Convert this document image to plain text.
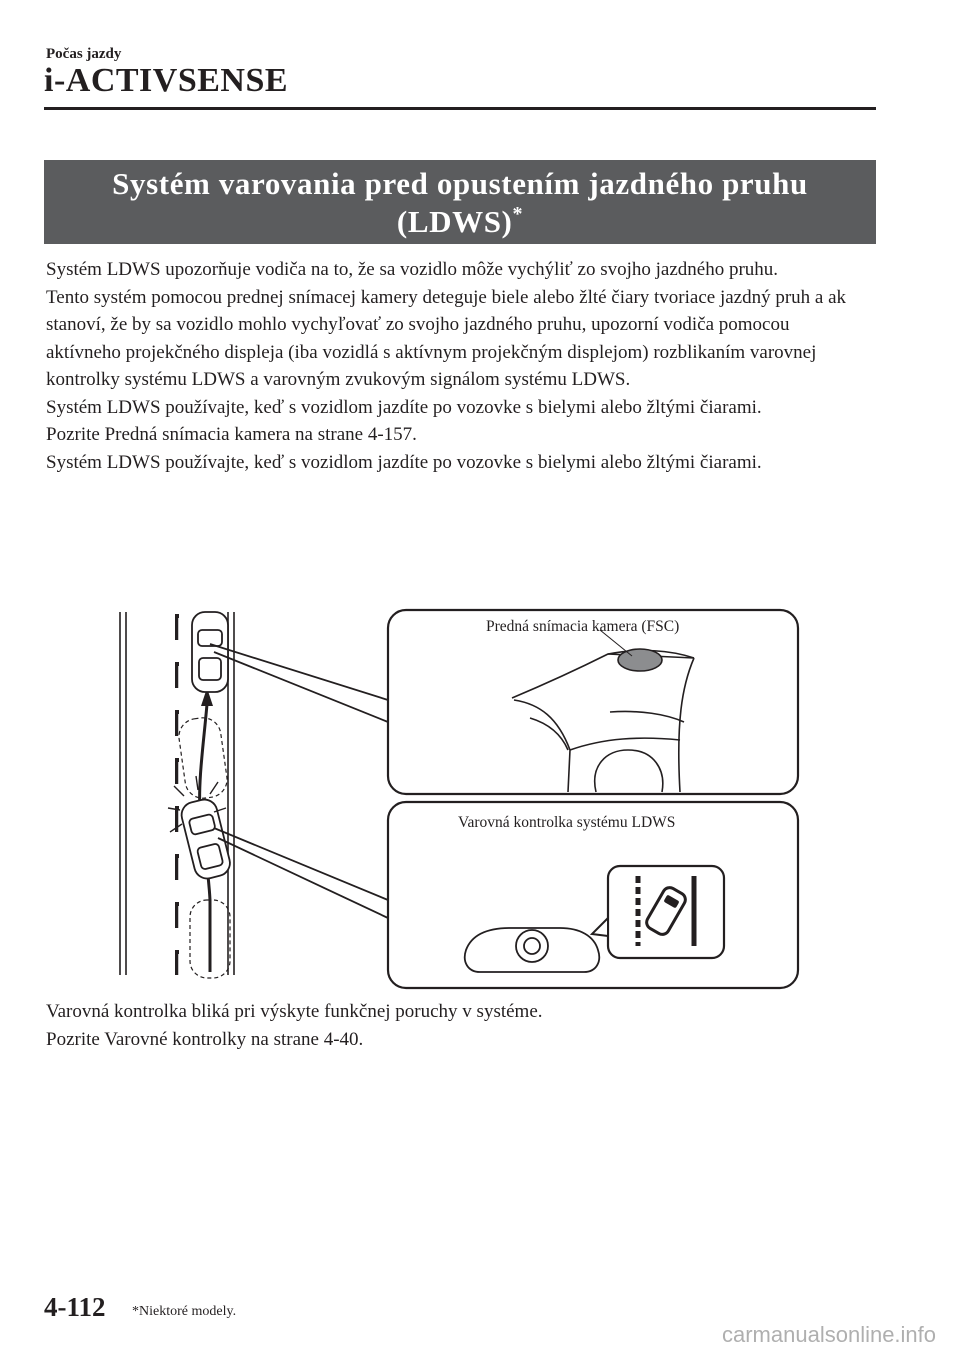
Počas jazdy
i-ACTIVSENSE
Systém varovania pred opustením jazdného pruhu
(LDWS)*

Systém LDWS upozorňuje vodiča na to, že sa vozidlo môže vychýliť zo svojho jazdného pruhu.

Tento systém pomocou prednej snímacej kamery deteguje biele alebo žlté čiary tvoriace jazdný pruh a ak stanoví, že by sa vozidlo mohlo vychyľovať zo svojho jazdného pruhu, upozorní vodiča pomocou aktívneho projekčného displeja (iba vozidlá s aktívnym projekčným displejom) rozblikaním varovnej kontrolky systému LDWS a varovným zvukovým signálom systému LDWS.

Systém LDWS používajte, keď s vozidlom jazdíte po vozovke s bielymi alebo žltými čiarami.

Pozrite Predná snímacia kamera na strane 4-157.

Systém LDWS používajte, keď s vozidlom jazdíte po vozovke s bielymi alebo žltými čiarami.

Predná snímacia kamera (FSC)
Varovná kontrolka systému LDWS

Varovná kontrolka bliká pri výskyte funkčnej poruchy v systéme.

Pozrite Varovné kontrolky na strane 4-40.

4-112 *Niektoré modely.
carmanualsonline.info
